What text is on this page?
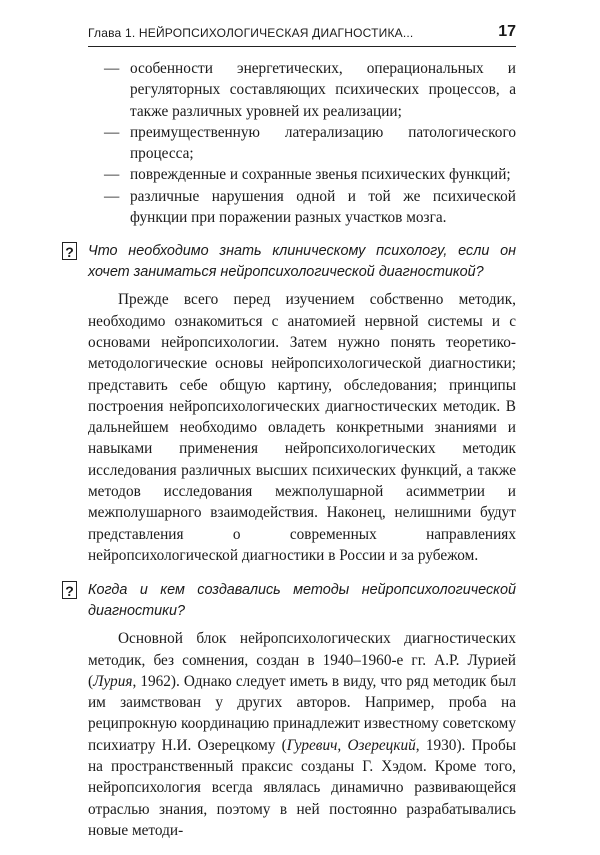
Глава 1. НЕЙРОПСИХОЛОГИЧЕСКАЯ ДИАГНОСТИКА...	17
— особенности энергетических, операциональных и регуляторных составляющих психических процессов, а также различных уровней их реализации;
— преимущественную латерализацию патологического процесса;
— поврежденные и сохранные звенья психических функций;
— различные нарушения одной и той же психической функции при поражении разных участков мозга.
? Что необходимо знать клиническому психологу, если он хочет заниматься нейропсихологической диагностикой?

Прежде всего перед изучением собственно методик, необходимо ознакомиться с анатомией нервной системы и с основами нейропсихологии. Затем нужно понять теоретико-методологические основы нейропсихологической диагностики; представить себе общую картину, обследования; принципы построения нейропсихологических диагностических методик. В дальнейшем необходимо овладеть конкретными знаниями и навыками применения нейропсихологических методик исследования различных высших психических функций, а также методов исследования межполушарной асимметрии и межполушарного взаимодействия. Наконец, нелишними будут представления о современных направлениях нейропсихологической диагностики в России и за рубежом.

? Когда и кем создавались методы нейропсихологической диагностики?

Основной блок нейропсихологических диагностических методик, без сомнения, создан в 1940–1960-е гг. А.Р. Лурией (Лурия, 1962). Однако следует иметь в виду, что ряд методик был им заимствован у других авторов. Например, проба на реципрокную координацию принадлежит известному советскому психиатру Н.И. Озерецкому (Гуревич, Озерецкий, 1930). Пробы на пространственный праксис созданы Г. Хэдом. Кроме того, нейропсихология всегда являлась динамично развивающейся отраслью знания, поэтому в ней постоянно разрабатывались новые методи-
